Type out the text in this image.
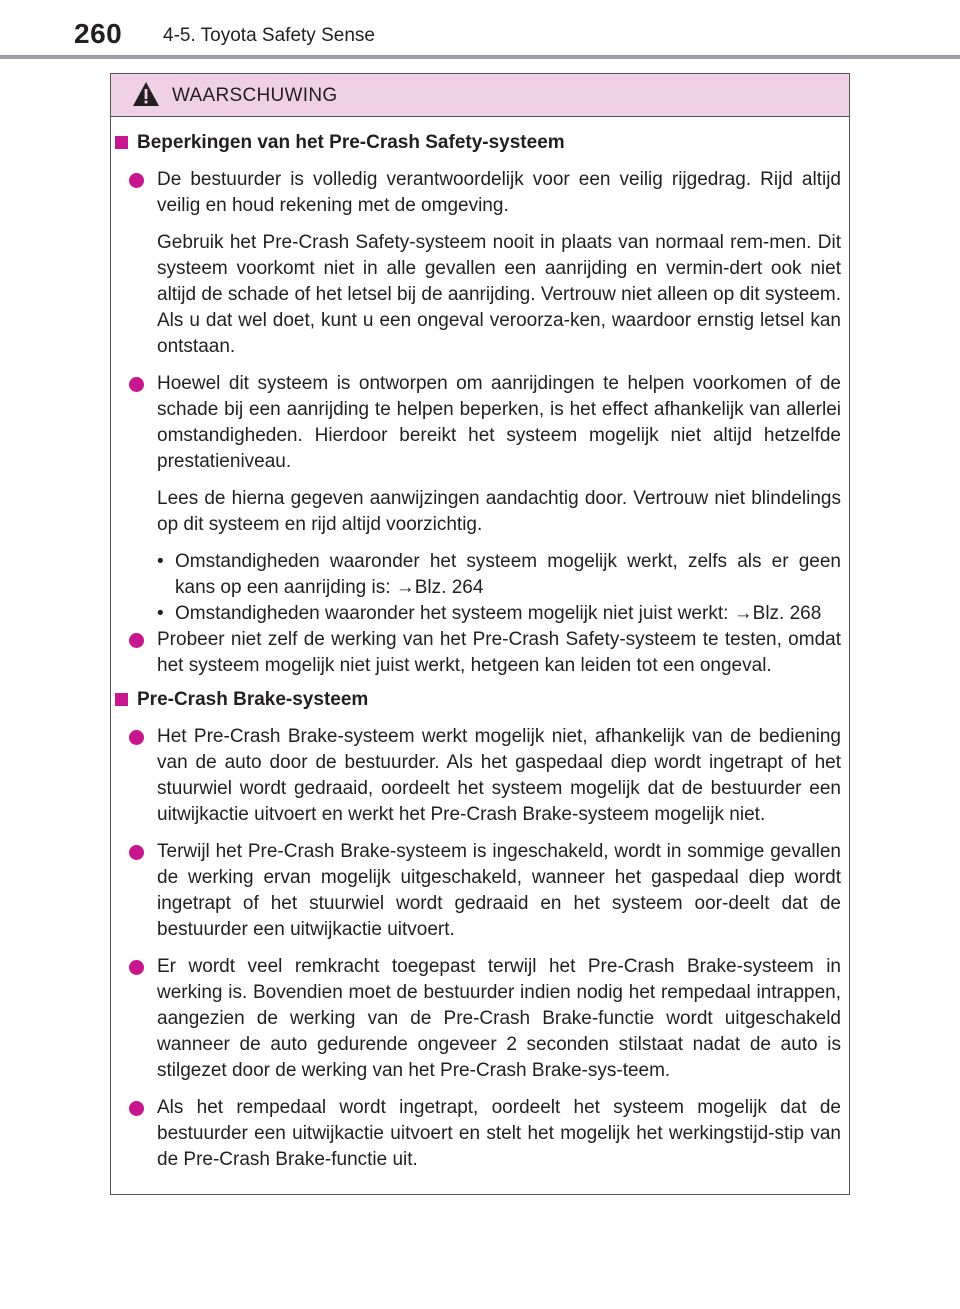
260 4-5. Toyota Safety Sense
WAARSCHUWING
Beperkingen van het Pre-Crash Safety-systeem

De bestuurder is volledig verantwoordelijk voor een veilig rijgedrag. Rijd altijd veilig en houd rekening met de omgeving.

Gebruik het Pre-Crash Safety-systeem nooit in plaats van normaal rem-men. Dit systeem voorkomt niet in alle gevallen een aanrijding en vermin-dert ook niet altijd de schade of het letsel bij de aanrijding. Vertrouw niet alleen op dit systeem. Als u dat wel doet, kunt u een ongeval veroorza-ken, waardoor ernstig letsel kan ontstaan.

Hoewel dit systeem is ontworpen om aanrijdingen te helpen voorkomen of de schade bij een aanrijding te helpen beperken, is het effect afhankelijk van allerlei omstandigheden. Hierdoor bereikt het systeem mogelijk niet altijd hetzelfde prestatieniveau.

Lees de hierna gegeven aanwijzingen aandachtig door. Vertrouw niet blindelings op dit systeem en rijd altijd voorzichtig.

• Omstandigheden waaronder het systeem mogelijk werkt, zelfs als er geen kans op een aanrijding is: →Blz. 264
• Omstandigheden waaronder het systeem mogelijk niet juist werkt: →Blz. 268

Probeer niet zelf de werking van het Pre-Crash Safety-systeem te testen, omdat het systeem mogelijk niet juist werkt, hetgeen kan leiden tot een ongeval.

Pre-Crash Brake-systeem

Het Pre-Crash Brake-systeem werkt mogelijk niet, afhankelijk van de bediening van de auto door de bestuurder. Als het gaspedaal diep wordt ingetrapt of het stuurwiel wordt gedraaid, oordeelt het systeem mogelijk dat de bestuurder een uitwijkactie uitvoert en werkt het Pre-Crash Brake-systeem mogelijk niet.

Terwijl het Pre-Crash Brake-systeem is ingeschakeld, wordt in sommige gevallen de werking ervan mogelijk uitgeschakeld, wanneer het gaspedaal diep wordt ingetrapt of het stuurwiel wordt gedraaid en het systeem oor-deelt dat de bestuurder een uitwijkactie uitvoert.

Er wordt veel remkracht toegepast terwijl het Pre-Crash Brake-systeem in werking is. Bovendien moet de bestuurder indien nodig het rempedaal intrappen, aangezien de werking van de Pre-Crash Brake-functie wordt uitgeschakeld wanneer de auto gedurende ongeveer 2 seconden stilstaat nadat de auto is stilgezet door de werking van het Pre-Crash Brake-sys-teem.

Als het rempedaal wordt ingetrapt, oordeelt het systeem mogelijk dat de bestuurder een uitwijkactie uitvoert en stelt het mogelijk het werkingstijd-stip van de Pre-Crash Brake-functie uit.
